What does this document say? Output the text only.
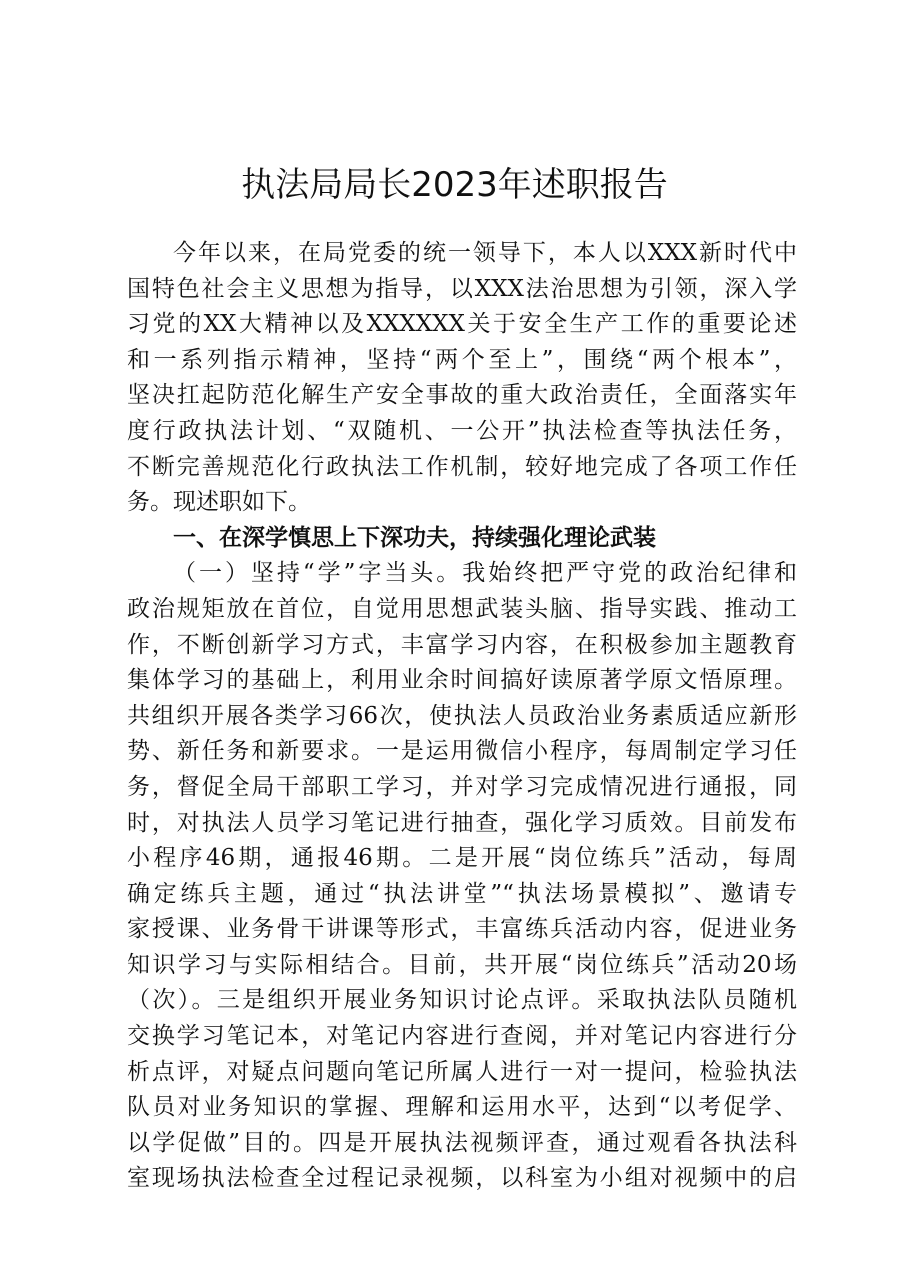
执法局局长2023年述职报告
今年以来，在局党委的统一领导下，本人以XXX新时代中
国特色社会主义思想为指导，以XXX法治思想为引领，深入学
习党的XX大精神以及XXXXXX关于安全生产工作的重要论述
和一系列指示精神，坚持“两个至上”，围绕“两个根本”，
坚决扛起防范化解生产安全事故的重大政治责任，全面落实年
度行政执法计划、“双随机、一公开”执法检查等执法任务，
不断完善规范化行政执法工作机制，较好地完成了各项工作任
务。现述职如下。
一、在深学慎思上下深功夫，持续强化理论武装
（一）坚持“学”字当头。我始终把严守党的政治纪律和
政治规矩放在首位，自觉用思想武装头脑、指导实践、推动工
作，不断创新学习方式，丰富学习内容，在积极参加主题教育
集体学习的基础上，利用业余时间搞好读原著学原文悟原理。
共组织开展各类学习66次，使执法人员政治业务素质适应新形
势、新任务和新要求。一是运用微信小程序，每周制定学习任
务，督促全局干部职工学习，并对学习完成情况进行通报，同
时，对执法人员学习笔记进行抽查，强化学习质效。目前发布
小程序46期，通报46期。二是开展“岗位练兵”活动，每周
确定练兵主题，通过“执法讲堂”“执法场景模拟”、邀请专
家授课、业务骨干讲课等形式，丰富练兵活动内容，促进业务
知识学习与实际相结合。目前，共开展“岗位练兵”活动20场
（次）。三是组织开展业务知识讨论点评。采取执法队员随机
交换学习笔记本，对笔记内容进行查阅，并对笔记内容进行分
析点评，对疑点问题向笔记所属人进行一对一提问，检验执法
队员对业务知识的掌握、理解和运用水平，达到“以考促学、
以学促做”目的。四是开展执法视频评查，通过观看各执法科
室现场执法检查全过程记录视频，以科室为小组对视频中的启
